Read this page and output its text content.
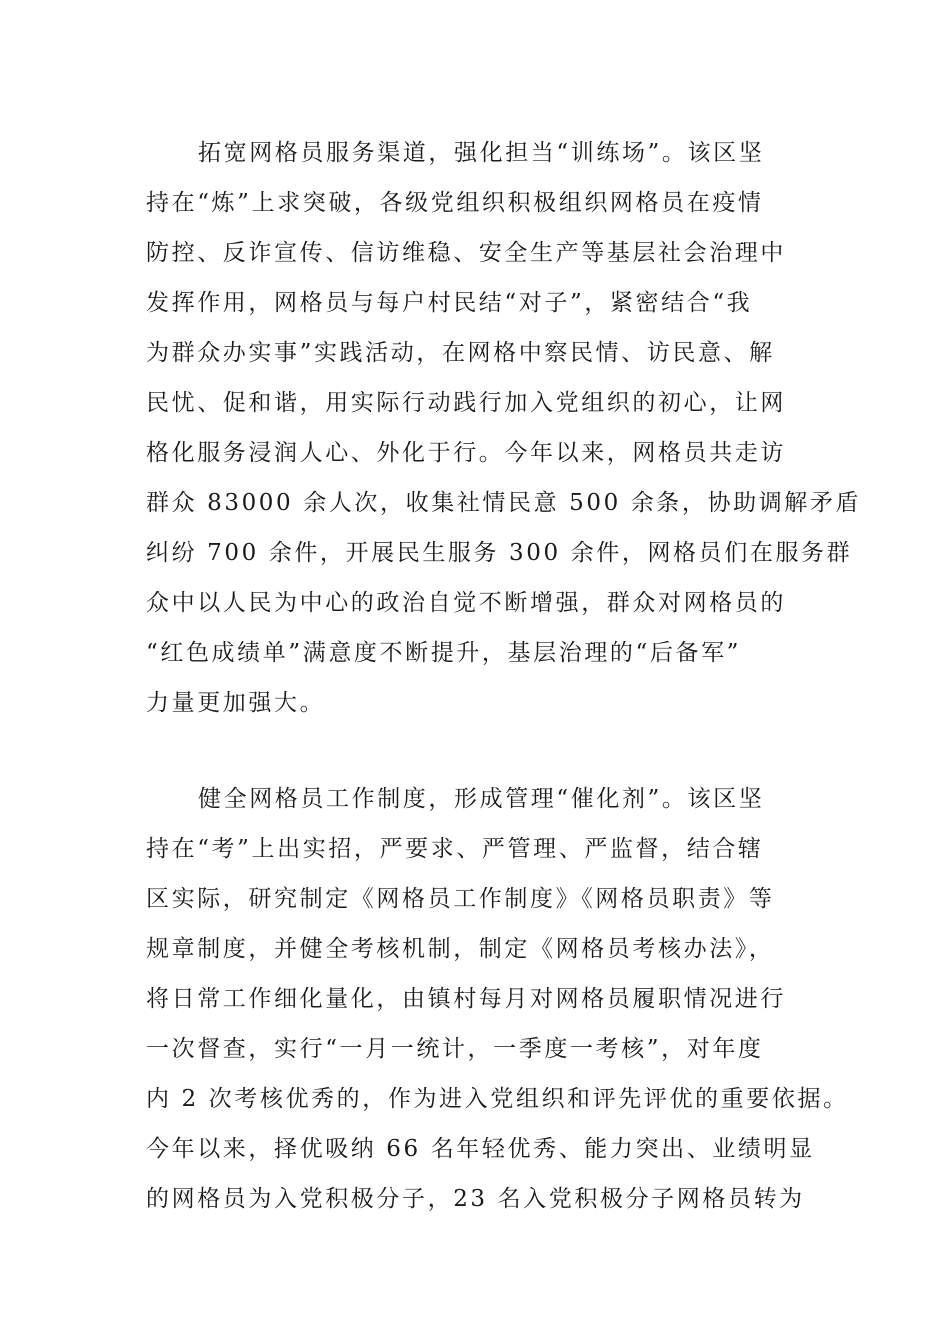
拓宽网格员服务渠道，强化担当“训练场”。该区坚
持在“炼”上求突破，各级党组织积极组织网格员在疫情
防控、反诈宣传、信访维稳、安全生产等基层社会治理中
发挥作用，网格员与每户村民结“对子”，紧密结合“我
为群众办实事”实践活动，在网格中察民情、访民意、解
民忧、促和谐，用实际行动践行加入党组织的初心，让网
格化服务浸润人心、外化于行。今年以来，网格员共走访
群众 83000 余人次，收集社情民意 500 余条，协助调解矛盾
纠纷 700 余件，开展民生服务 300 余件，网格员们在服务群
众中以人民为中心的政治自觉不断增强，群众对网格员的
“红色成绩单”满意度不断提升，基层治理的“后备军”
力量更加强大。
健全网格员工作制度，形成管理“催化剂”。该区坚
持在“考”上出实招，严要求、严管理、严监督，结合辖
区实际，研究制定《网格员工作制度》《网格员职责》等
规章制度，并健全考核机制，制定《网格员考核办法》，
将日常工作细化量化，由镇村每月对网格员履职情况进行
一次督查，实行“一月一统计，一季度一考核”，对年度
内 2 次考核优秀的，作为进入党组织和评先评优的重要依据。
今年以来，择优吸纳 66 名年轻优秀、能力突出、业绩明显
的网格员为入党积极分子，23 名入党积极分子网格员转为
